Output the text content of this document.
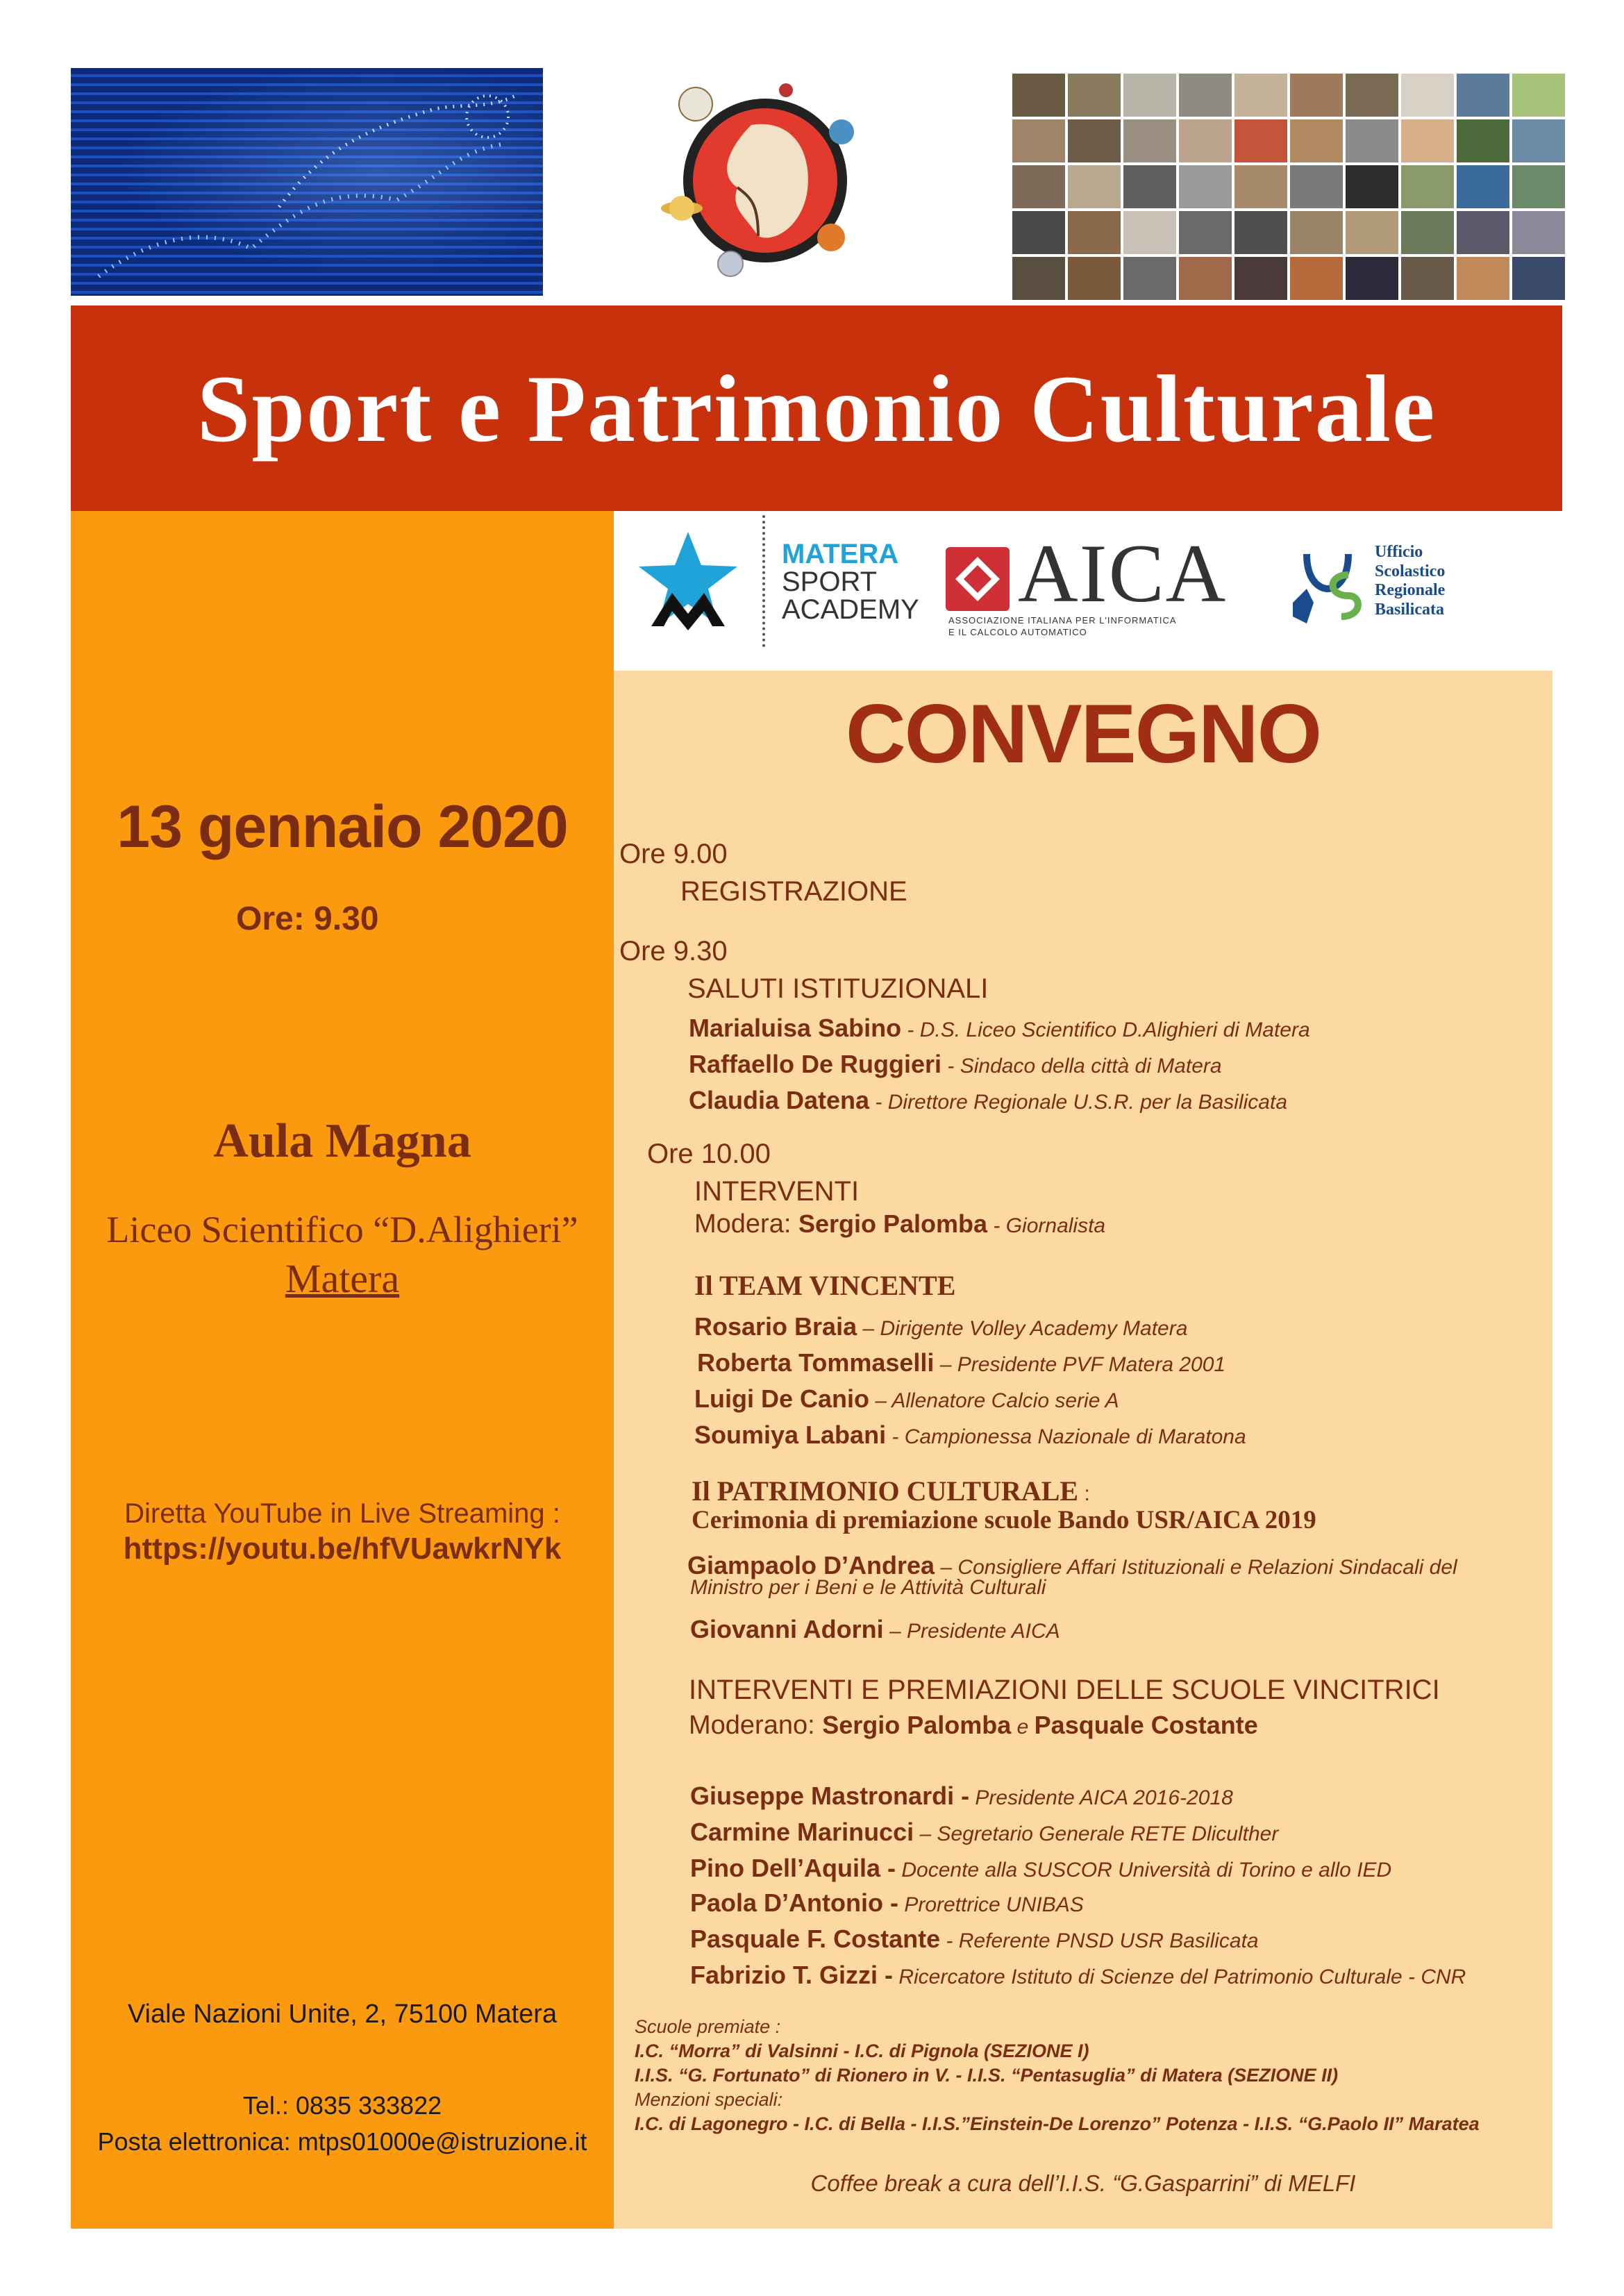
Sport e Patrimonio Culturale
13 gennaio 2020
Ore: 9.30
Aula Magna
Liceo Scientifico “D.Alighieri”
Matera
Diretta YouTube in Live Streaming :
https://youtu.be/hfVUawkrNYk
Viale Nazioni Unite, 2, 75100 Matera
Tel.: 0835 333822
Posta elettronica: mtps01000e@istruzione.it
MATERA
SPORT
ACADEMY AICA
ASSOCIAZIONE ITALIANA PER L'INFORMATICA
E IL CALCOLO AUTOMATICO
Ufficio
Scolastico
Regionale
Basilicata
CONVEGNO
Ore 9.00
REGISTRAZIONE
Ore 9.30
SALUTI ISTITUZIONALI
Marialuisa Sabino - D.S. Liceo Scientifico D.Alighieri di Matera
Raffaello De Ruggieri - Sindaco della città di Matera
Claudia Datena - Direttore Regionale U.S.R. per la Basilicata
Ore 10.00
INTERVENTI
Modera: Sergio Palomba - Giornalista
Il TEAM VINCENTE
Rosario Braia – Dirigente Volley Academy Matera
Roberta Tommaselli – Presidente PVF Matera 2001
Luigi De Canio – Allenatore Calcio serie A
Soumiya Labani - Campionessa Nazionale di Maratona
Il PATRIMONIO CULTURALE :
Cerimonia di premiazione scuole Bando USR/AICA 2019
Giampaolo D’Andrea – Consigliere Affari Istituzionali e Relazioni Sindacali del
Ministro per i Beni e le Attività Culturali
Giovanni Adorni – Presidente AICA
INTERVENTI E PREMIAZIONI DELLE SCUOLE VINCITRICI
Moderano: Sergio Palomba e Pasquale Costante
Giuseppe Mastronardi - Presidente AICA 2016-2018
Carmine Marinucci – Segretario Generale RETE Dliculther
Pino Dell’Aquila - Docente alla SUSCOR Università di Torino e allo IED
Paola D’Antonio - Prorettrice UNIBAS
Pasquale F. Costante - Referente PNSD USR Basilicata
Fabrizio T. Gizzi - Ricercatore Istituto di Scienze del Patrimonio Culturale - CNR
Scuole premiate :
I.C. “Morra” di Valsinni - I.C. di Pignola (SEZIONE I)
I.I.S. “G. Fortunato” di Rionero in V. - I.I.S. “Pentasuglia” di Matera (SEZIONE II)
Menzioni speciali:
I.C. di Lagonegro - I.C. di Bella - I.I.S.”Einstein-De Lorenzo” Potenza - I.I.S. “G.Paolo II” Maratea
Coffee break a cura dell’I.I.S. “G.Gasparrini” di MELFI
